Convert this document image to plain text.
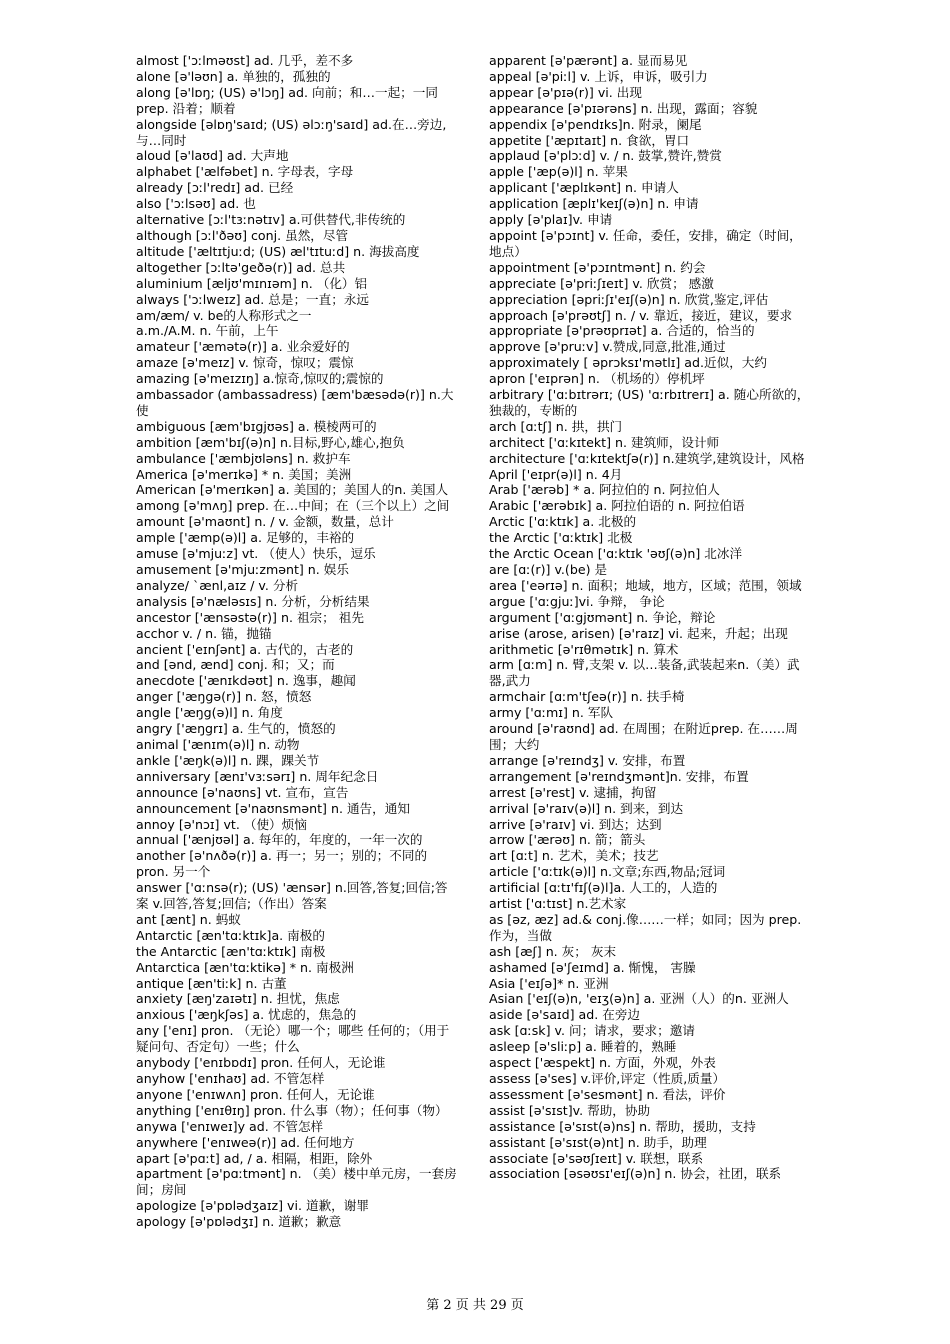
almost ['ɔːlməʊst] ad. 几乎，差不多
alone [ə'ləʊn] a. 单独的，孤独的
along [ə'lɒŋ; (US) ə'lɔŋ] ad. 向前；和…一起；一同 prep. 沿着；顺着
alongside [əlɒŋ'saɪd; (US) əlɔːŋ'saɪd] ad.在…旁边,与…同时
aloud [ə'laʊd] ad. 大声地
alphabet ['ælfəbet] n. 字母表，字母
already [ɔːl'redɪ] ad. 已经
also ['ɔːlsəʊ] ad. 也
alternative [ɔːl'tɜːnətɪv] a.可供替代,非传统的
although [ɔːl'ðəʊ] conj. 虽然，尽管
altitude ['æltɪtjuːd; (US) æl'tɪtuːd] n. 海拔高度
altogether [ɔːltə'geðə(r)] ad. 总共
aluminium [æljʊ'mɪnɪəm] n. （化）铝
always ['ɔːlweɪz] ad. 总是；一直；永远
am/æm/ v. be的人称形式之一
a.m./A.M. n. 午前，上午
amateur ['æmətə(r)] a. 业余爱好的
amaze [ə'meɪz] v. 惊奇，惊叹；震惊
amazing [ə'meɪzɪŋ] a.惊奇,惊叹的;震惊的
ambassador (ambassadress) [æm'bæsədə(r)] n.大使
ambiguous [æm'bɪgjʊəs] a. 模棱两可的
ambition [æm'bɪʃ(ə)n] n.目标,野心,雄心,抱负
ambulance ['æmbjʊləns] n. 救护车
America [ə'merɪkə] * n. 美国；美洲
American [ə'merɪkən] a. 美国的；美国人的n. 美国人
among [ə'mʌŋ] prep. 在…中间；在（三个以上）之间
amount [ə'maʊnt] n. / v. 金额，数量，总计
ample ['æmp(ə)l] a. 足够的，丰裕的
amuse [ə'mjuːz] vt. （使人）快乐，逗乐
amusement [ə'mjuːzmənt] n. 娱乐
analyze/ `ænl,aɪz / v. 分析
analysis [ə'næləsɪs] n. 分析，分析结果
ancestor ['ænsəstə(r)] n. 祖宗； 祖先
acchor v. / n. 锚，抛锚
ancient ['eɪnʃənt] a. 古代的，古老的
and [ənd, ænd] conj. 和；又；而
anecdote ['ænɪkdəʊt] n. 逸事，趣闻
anger ['æŋgə(r)] n. 怒，愤怒
angle ['æŋg(ə)l] n. 角度
angry ['æŋgrɪ] a. 生气的，愤怒的
animal ['ænɪm(ə)l] n. 动物
ankle ['æŋk(ə)l] n. 踝，踝关节
anniversary [ænɪ'vɜːsərɪ] n. 周年纪念日
announce [ə'naʊns] vt. 宣布，宣告
announcement [ə'naʊnsmənt] n. 通告，通知
annoy [ə'nɔɪ] vt. （使）烦恼
annual ['ænjʊəl] a. 每年的，年度的，一年一次的
another [ə'nʌðə(r)] a. 再一；另一；别的；不同的 pron. 另一个
answer ['ɑːnsə(r); (US) 'ænsər] n.回答,答复;回信;答案 v.回答,答复;回信;（作出）答案
ant [ænt] n. 蚂蚁
Antarctic [æn'tɑːktɪk]a. 南极的
the Antarctic [æn'tɑːktɪk] 南极
Antarctica [æn'tɑːktikə] * n. 南极洲
antique [æn'tiːk] n. 古董
anxiety [æŋ'zaɪətɪ] n. 担忧，焦虑
anxious ['æŋkʃəs] a. 忧虑的，焦急的
any ['enɪ] pron. （无论）哪一个；哪些 任何的；（用于疑问句、否定句）一些；什么
anybody ['enɪbɒdɪ] pron. 任何人，无论谁
anyhow ['enɪhaʊ] ad. 不管怎样
anyone ['enɪwʌn] pron. 任何人，无论谁
anything ['enɪθɪŋ] pron. 什么事（物）；任何事（物）
anywa ['enɪweɪ]y ad. 不管怎样
anywhere ['enɪweə(r)] ad. 任何地方
apart [ə'pɑːt] ad, / a. 相隔，相距，除外
apartment [ə'pɑːtmənt] n. （美）楼中单元房，一套房间；房间
apologize [ə'pɒlədʒaɪz] vi. 道歉，谢罪
apology [ə'pɒlədʒɪ] n. 道歉；歉意
apparent [ə'pærənt] a. 显而易见
appeal [ə'piːl] v. 上诉，申诉，吸引力
appear [ə'pɪə(r)] vi. 出现
appearance [ə'pɪərəns] n. 出现，露面；容貌
appendix [ə'pendɪks]n. 附录，阑尾
appetite ['æpɪtaɪt] n. 食欲，胃口
applaud [ə'plɔːd] v. / n. 鼓掌,赞许,赞赏
apple ['æp(ə)l] n. 苹果
applicant ['æplɪkənt] n. 申请人
application [æplɪ'keɪʃ(ə)n] n. 申请
apply [ə'plaɪ]v. 申请
appoint [ə'pɔɪnt] v. 任命，委任，安排，确定（时间，地点）
appointment [ə'pɔɪntmənt] n. 约会
appreciate [ə'priːʃɪeɪt] v. 欣赏； 感激
appreciation [əpriːʃɪ'eɪʃ(ə)n] n. 欣赏,鉴定,评估
approach [ə'prəʊtʃ] n. / v. 靠近，接近，建议，要求
appropriate [ə'prəʊprɪət] a. 合适的，恰当的
approve [ə'pruːv] v.赞成,同意,批准,通过
approximately [ əprɔksɪ'mətlɪ] ad.近似，大约
apron ['eɪprən] n. （机场的）停机坪
arbitrary ['ɑːbɪtrərɪ; (US) 'ɑːrbɪtrerɪ] a. 随心所欲的，独裁的，专断的
arch [ɑːtʃ] n. 拱，拱门
architect ['ɑːkɪtekt] n. 建筑师，设计师
architecture ['ɑːkɪtektʃə(r)] n.建筑学,建筑设计，风格
April ['eɪpr(ə)l] n. 4月
Arab ['ærəb] * a. 阿拉伯的 n. 阿拉伯人
Arabic ['ærəbɪk] a. 阿拉伯语的 n. 阿拉伯语
Arctic ['ɑːktɪk] a. 北极的
the Arctic ['ɑːktɪk] 北极
the Arctic Ocean ['ɑːktɪk 'əʊʃ(ə)n] 北冰洋
are [ɑː(r)] v.(be) 是
area ['eərɪə] n. 面积；地域，地方，区域；范围，领域
argue ['ɑːgjuː]vi. 争辩， 争论
argument ['ɑːgjʊmənt] n. 争论，辩论
arise (arose, arisen) [ə'raɪz] vi. 起来，升起；出现
arithmetic [ə'rɪθmətɪk] n. 算术
arm [ɑːm] n. 臂,支架 v. 以…装备,武装起来n.（美）武器,武力
armchair [ɑːm'tʃeə(r)] n. 扶手椅
army ['ɑːmɪ] n. 军队
around [ə'raʊnd] ad. 在周围；在附近prep. 在……周围；大约
arrange [ə'reɪndʒ] v. 安排，布置
arrangement [ə'reɪndʒmənt]n. 安排，布置
arrest [ə'rest] v. 逮捕，拘留
arrival [ə'raɪv(ə)l] n. 到来，到达
arrive [ə'raɪv] vi. 到达；达到
arrow ['ærəʊ] n. 箭；箭头
art [ɑːt] n. 艺术，美术；技艺
article ['ɑːtɪk(ə)l] n.文章;东西,物品;冠词
artificial [ɑːtɪ'fɪʃ(ə)l]a. 人工的，人造的
artist ['ɑːtɪst] n.艺术家
as [əz, æz] ad.& conj.像……一样；如同；因为 prep. 作为，当做
ash [æʃ] n. 灰； 灰末
ashamed [ə'ʃeɪmd] a. 惭愧， 害臊
Asia ['eɪʃə]* n. 亚洲
Asian ['eɪʃ(ə)n, 'eɪʒ(ə)n] a. 亚洲（人）的n. 亚洲人
aside [ə'saɪd] ad. 在旁边
ask [ɑːsk] v. 问；请求，要求；邀请
asleep [ə'sliːp] a. 睡着的，熟睡
aspect ['æspekt] n. 方面，外观，外表
assess [ə'ses] v.评价,评定（性质,质量）
assessment [ə'sesmənt] n. 看法，评价
assist [ə'sɪst]v. 帮助，协助
assistance [ə'sɪst(ə)ns] n. 帮助，援助，支持
assistant [ə'sɪst(ə)nt] n. 助手，助理
associate [ə'səʊʃɪeɪt] v. 联想，联系
association [əsəʊsɪ'eɪʃ(ə)n] n. 协会，社团，联系
第 2 页 共 29 页
